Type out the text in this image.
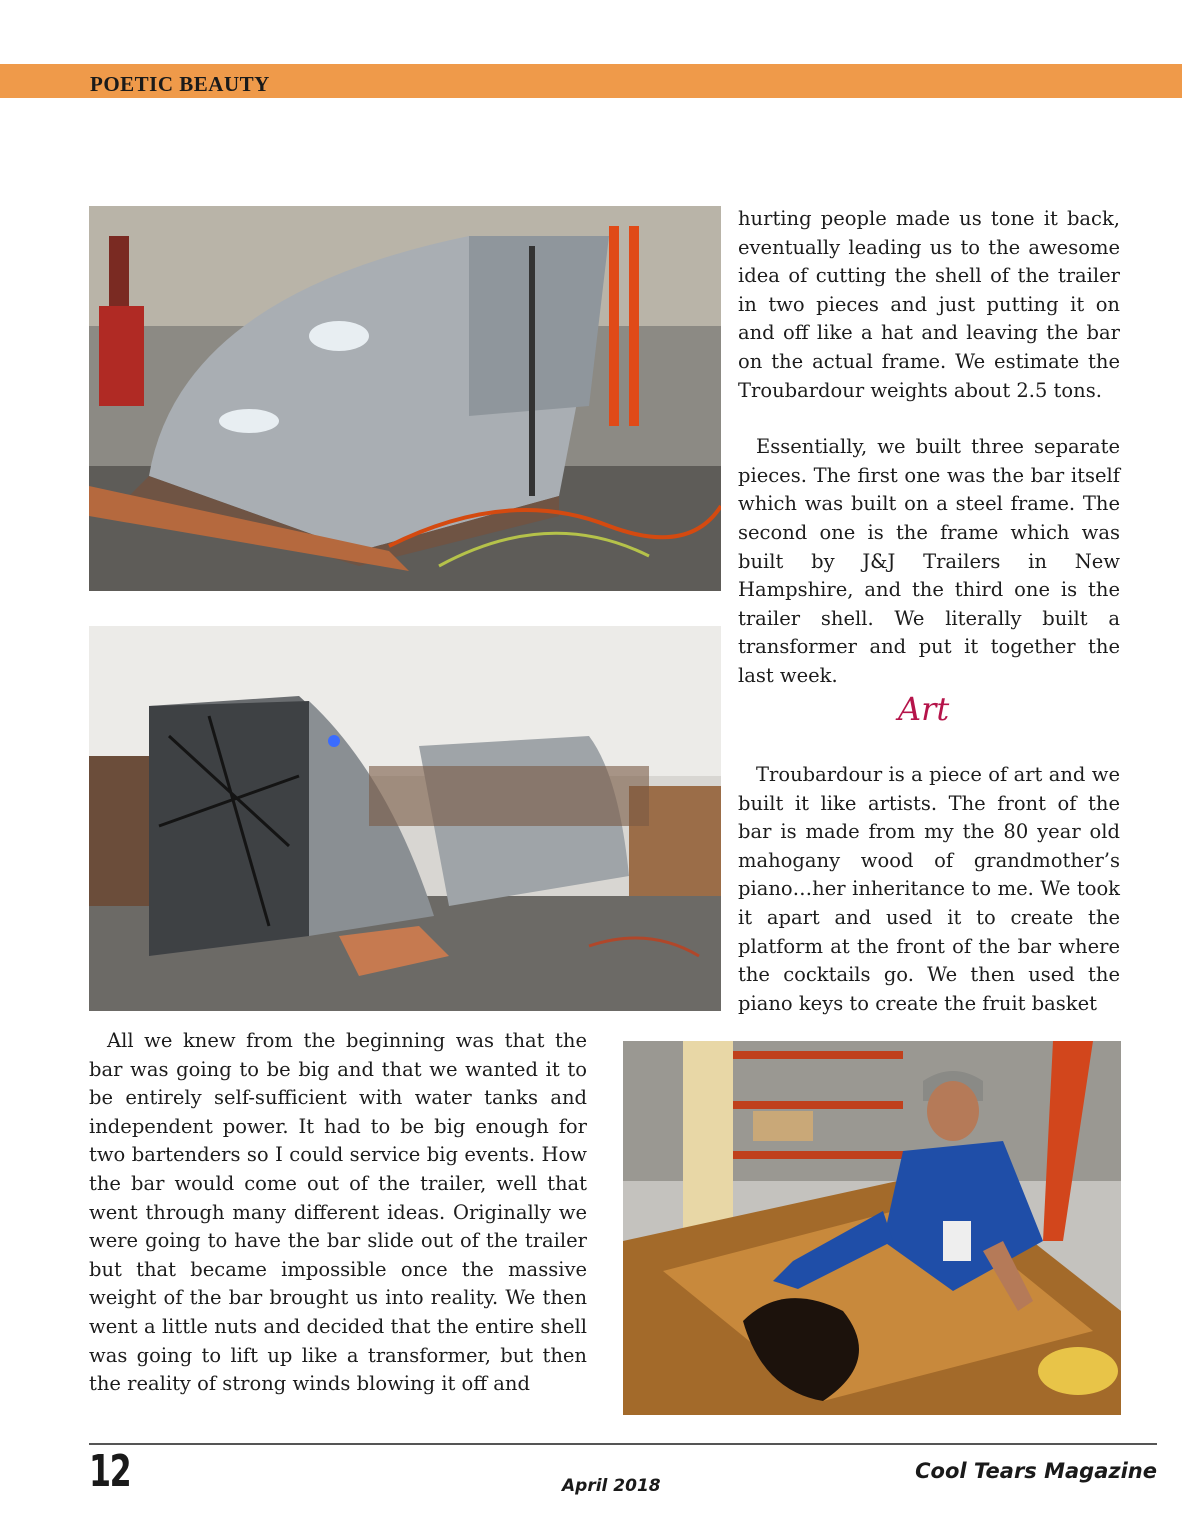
POETIC BEAUTY

hurting people made us tone it back, eventually leading us to the awesome idea of cutting the shell of the trailer in two pieces and just putting it on and off like a hat and leaving the bar on the actual frame. We estimate the Troubardour weights about 2.5 tons.

Essentially, we built three separate pieces. The first one was the bar itself which was built on a steel frame. The second one is the frame which was built by J&J Trailers in New Hampshire, and the third one is the trailer shell. We literally built a transformer and put it together the last week.

Art

Troubardour is a piece of art and we built it like artists. The front of the bar is made from my the 80 year old mahogany wood of grandmother’s piano…her inheritance to me. We took it apart and used it to create the platform at the front of the bar where the cocktails go. We then used the piano keys to create the fruit basket

All we knew from the beginning was that the bar was going to be big and that we wanted it to be entirely self-sufficient with water tanks and independent power. It had to be big enough for two bartenders so I could service big events. How the bar would come out of the trailer, well that went through many different ideas. Originally we were going to have the bar slide out of the trailer but that became impossible once the massive weight of the bar brought us into reality. We then went a little nuts and decided that the entire shell was going to lift up like a transformer, but then the reality of strong winds blowing it off and

12	April 2018
Cool Tears Magazine
